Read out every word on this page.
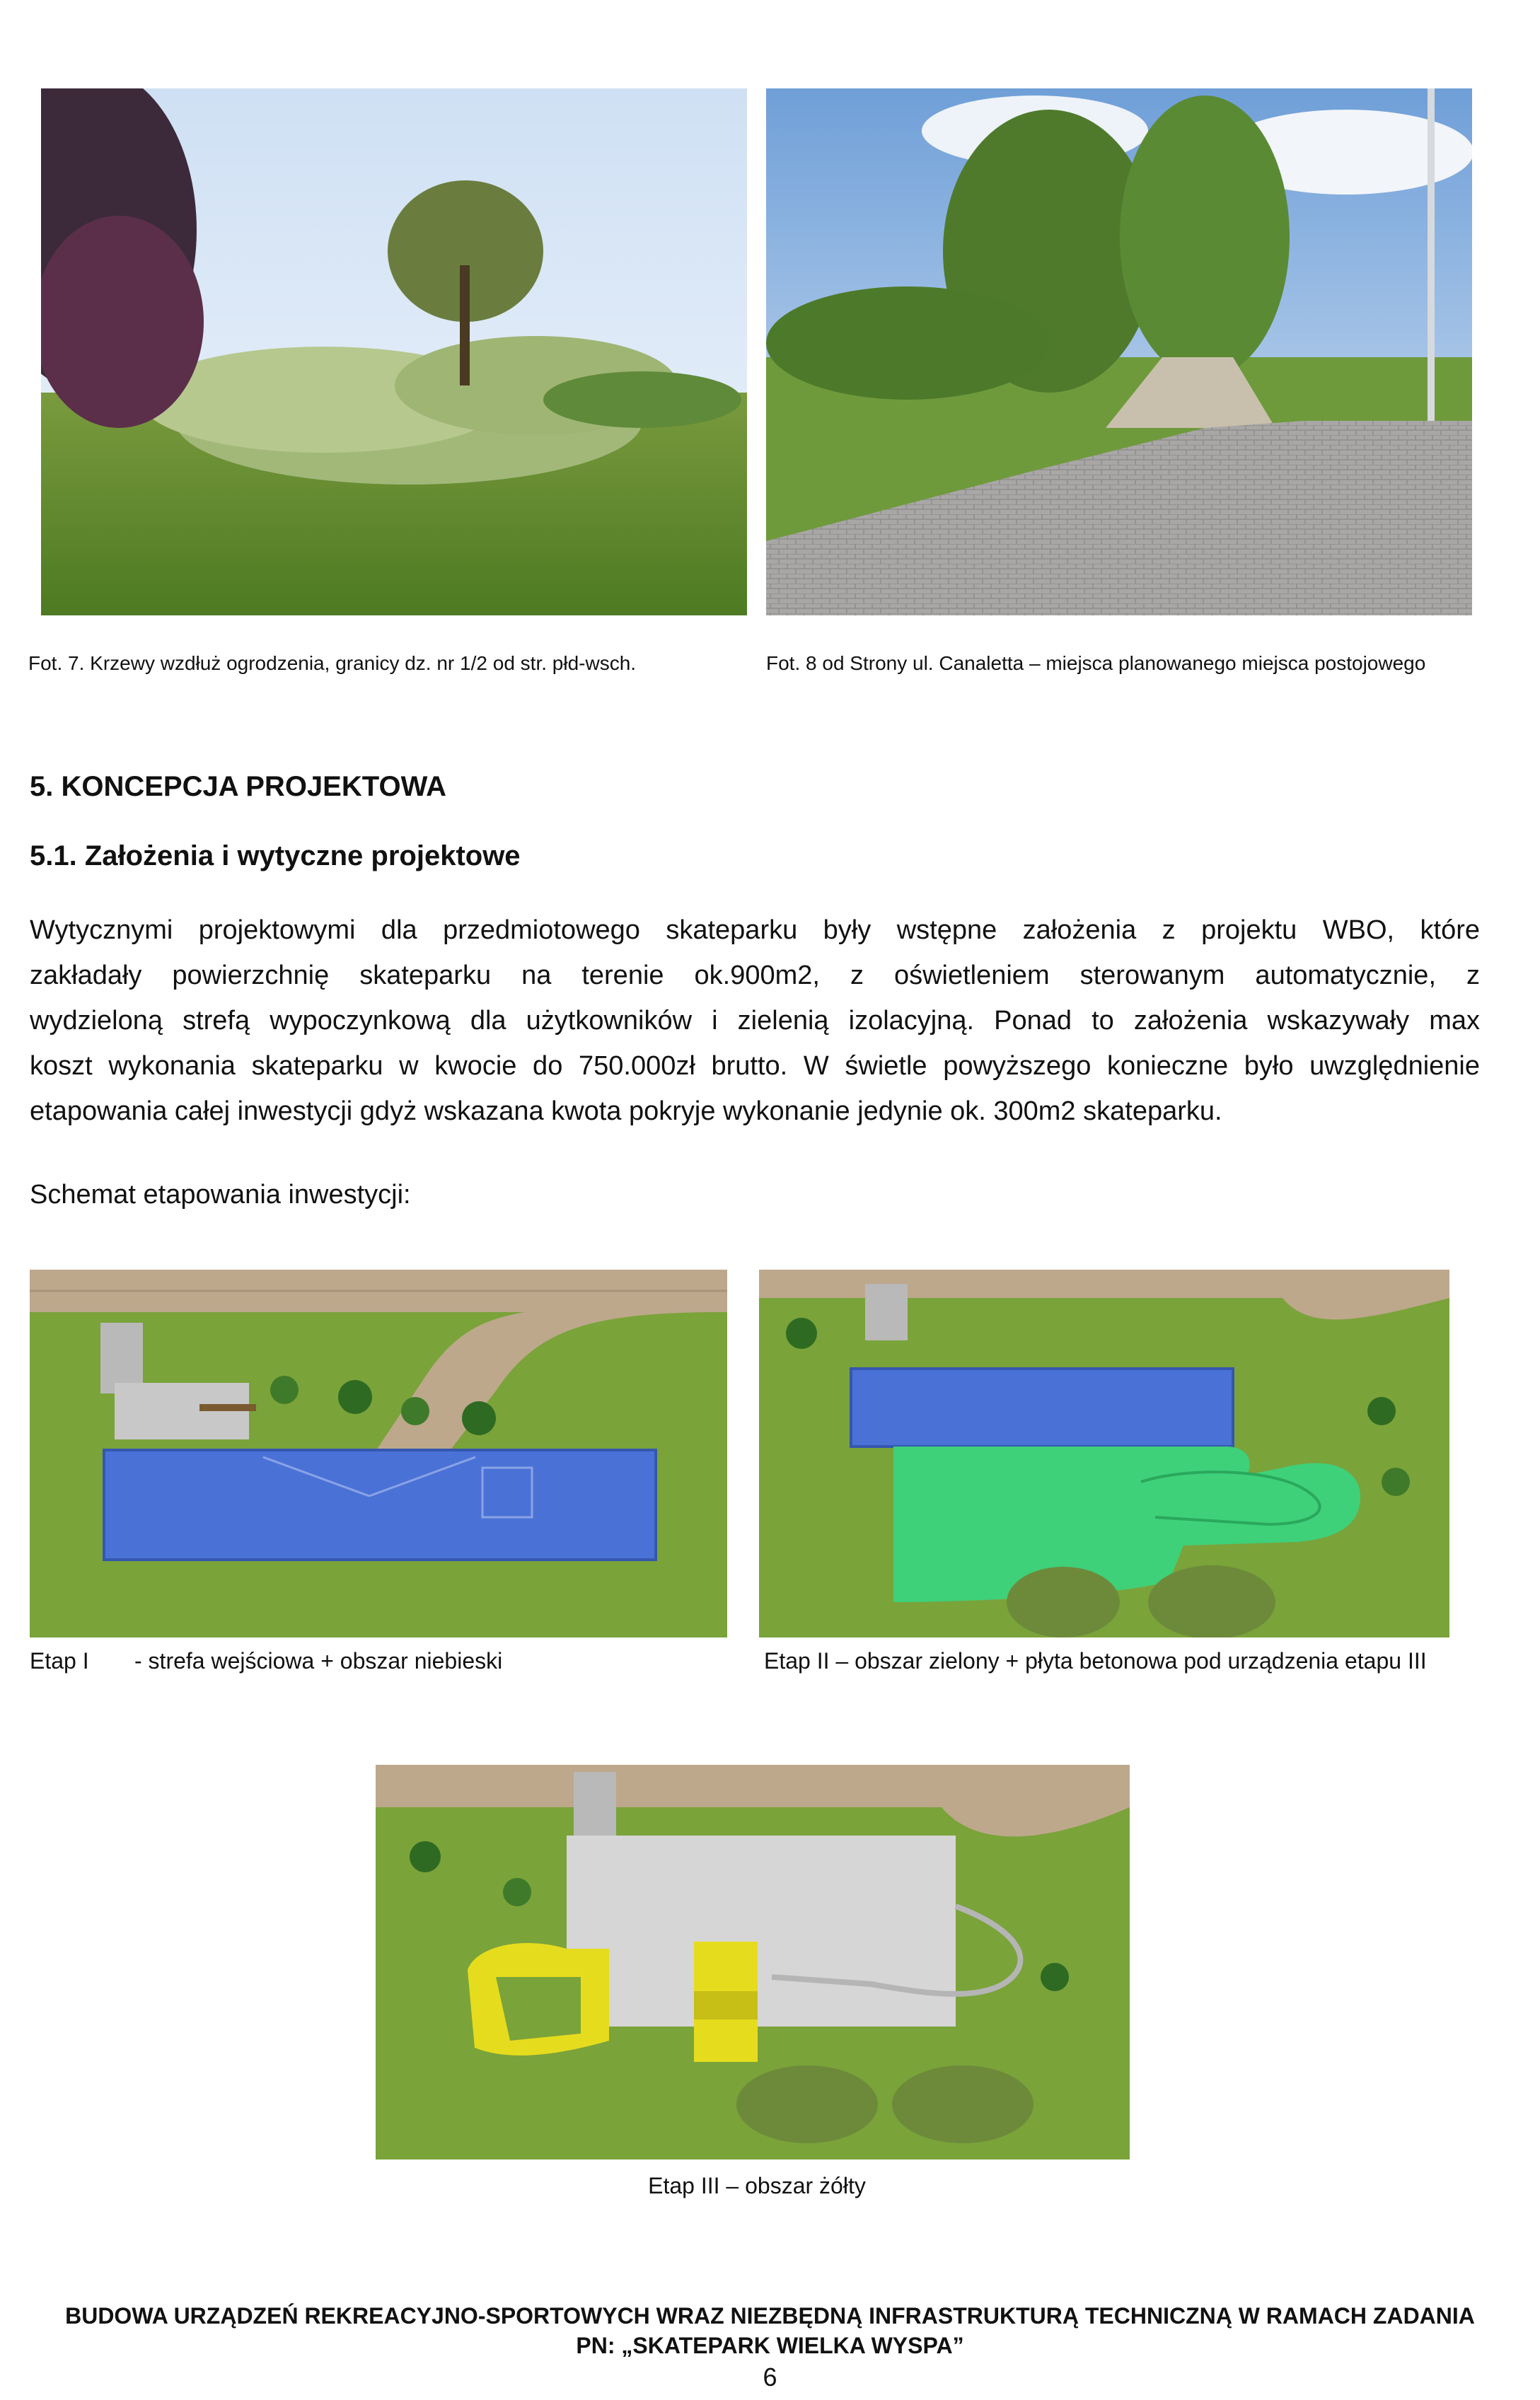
Fot. 7. Krzewy wzdłuż ogrodzenia, granicy dz. nr 1/2 od str. płd-wsch.	Fot. 8 od Strony ul. Canaletta – miejsca planowanego miejsca postojowego
5. KONCEPCJA PROJEKTOWA
5.1. Założenia i wytyczne projektowe
Wytycznymi projektowymi dla przedmiotowego skateparku były wstępne założenia z projektu WBO, które
zakładały powierzchnię skateparku na terenie ok.900m2, z oświetleniem sterowanym automatycznie, z
wydzieloną strefą wypoczynkową dla użytkowników i zielenią izolacyjną. Ponad to założenia wskazywały max
koszt wykonania skateparku w kwocie do 750.000zł brutto. W świetle powyższego konieczne było uwzględnienie
etapowania całej inwestycji gdyż wskazana kwota pokryje wykonanie jedynie ok. 300m2 skateparku.
Schemat etapowania inwestycji:
Etap I - strefa wejściowa + obszar niebieski	Etap II – obszar zielony + płyta betonowa pod urządzenia etapu III
Etap III – obszar żółty
BUDOWA URZĄDZEŃ REKREACYJNO-SPORTOWYCH WRAZ NIEZBĘDNĄ INFRASTRUKTURĄ TECHNICZNĄ W RAMACH ZADANIA
PN: „SKATEPARK WIELKA WYSPA”
6
